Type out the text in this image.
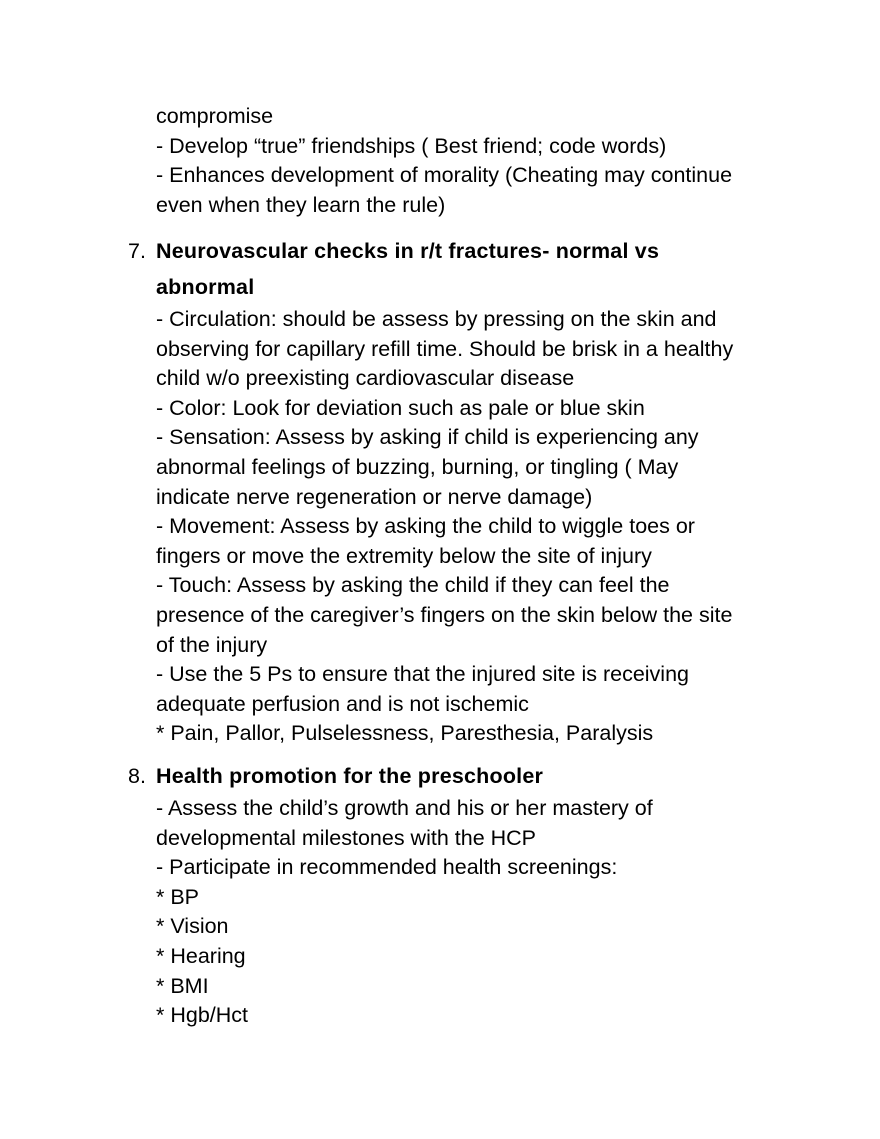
compromise
- Develop “true” friendships ( Best friend; code words)
- Enhances development of morality (Cheating may continue
even when they learn the rule)
7. Neurovascular checks in r/t fractures- normal vs
abnormal
- Circulation: should be assess by pressing on the skin and
observing for capillary refill time. Should be brisk in a healthy
child w/o preexisting cardiovascular disease
- Color: Look for deviation such as pale or blue skin
- Sensation: Assess by asking if child is experiencing any
abnormal feelings of buzzing, burning, or tingling ( May
indicate nerve regeneration or nerve damage)
- Movement: Assess by asking the child to wiggle toes or
fingers or move the extremity below the site of injury
- Touch: Assess by asking the child if they can feel the
presence of the caregiver’s fingers on the skin below the site
of the injury
- Use the 5 Ps to ensure that the injured site is receiving
adequate perfusion and is not ischemic
* Pain, Pallor, Pulselessness, Paresthesia, Paralysis
8. Health promotion for the preschooler
- Assess the child’s growth and his or her mastery of
developmental milestones with the HCP
- Participate in recommended health screenings:
* BP
* Vision
* Hearing
* BMI
* Hgb/Hct
